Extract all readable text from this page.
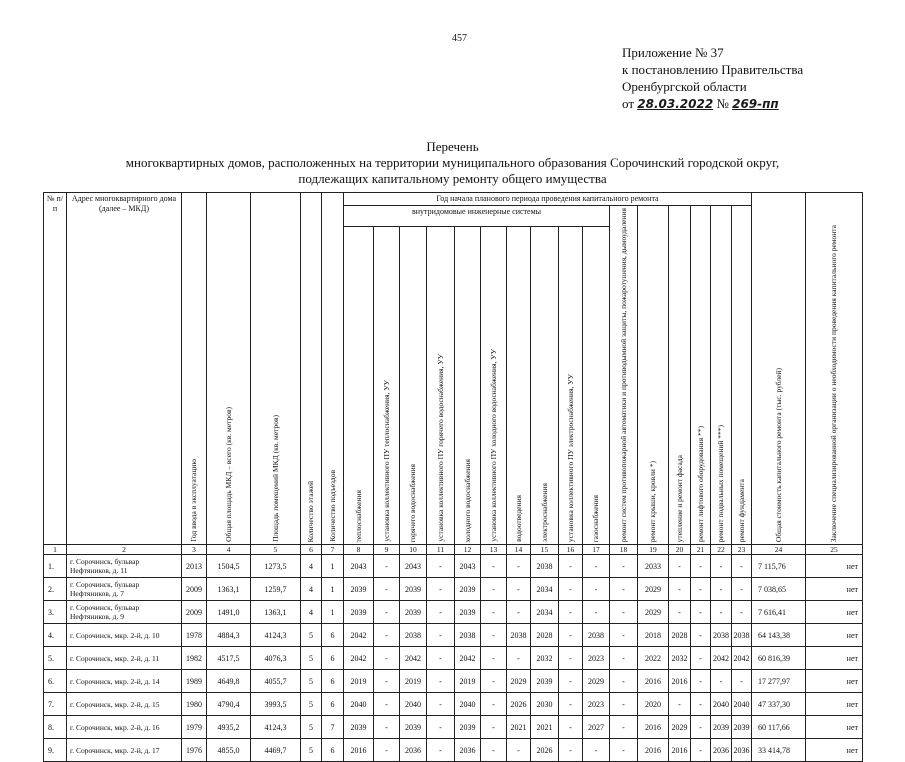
457
Приложение № 37
к постановлению Правительства
Оренбургской области
от 28.03.2022 № 269-пп
Перечень
многоквартирных домов, расположенных на территории муниципального образования Сорочинский городской округ,
подлежащих капитальному ремонту общего имущества
№ п/п	Адрес многоквартирного дома (далее – МКД)	Год ввода в эксплуатацию	Общая площадь МКД – всего (кв. метров)	Площадь помещений МКД (кв. метров)	Количество этажей	Количество подъездов	Год начала планового периода проведения капитального ремонта																Общая стоимость капитального ремонта (тыс. рублей)	Заключение специализированной организации о необходимости проведения капитального ремонта

							внутридомовые инженерные системы										ремонт систем противопожарной автоматики и противодымной защиты, пожаротушения, дымоудаления	ремонт крыши, кровли *)	утепление и ремонт фасада	ремонт лифтового оборудования **)	ремонт подвальных помещений ***)	ремонт фундамента		

							теплоснабжения	установка коллективного ПУ теплоснабжения, УУ	горячего водоснабжения	установка коллективного ПУ горячего водоснабжения, УУ	холодного водоснабжения	установка коллективного ПУ холодного водоснабжения, УУ	водоотведения	электроснабжения	установка коллективного ПУ электроснабжения, УУ	газоснабжения								

1	2	3	4	5	6	7	8	9	10	11	12	13	14	15	16	17	18	19	20	21	22	23	24	25
1.	г. Сорочинск, бульвар Нефтяников, д. 11	2013	1504,5	1273,5	4	1	2043	-	2043	-	2043	-	-	2038	-	-	-	2033	-	-	-	-	7 115,76	нет
2.	г. Сорочинск, бульвар Нефтяников, д. 7	2009	1363,1	1259,7	4	1	2039	-	2039	-	2039	-	-	2034	-	-	-	2029	-	-	-	-	7 038,65	нет
3.	г. Сорочинск, бульвар Нефтяников, д. 9	2009	1491,0	1363,1	4	1	2039	-	2039	-	2039	-	-	2034	-	-	-	2029	-	-	-	-	7 616,41	нет
4.	г. Сорочинск, мкр. 2-й, д. 10	1978	4884,3	4124,3	5	6	2042	-	2038	-	2038	-	2038	2028	-	2038	-	2018	2028	-	2038	2038	64 143,38	нет
5.	г. Сорочинск, мкр. 2-й, д. 11	1982	4517,5	4076,3	5	6	2042	-	2042	-	2042	-	-	2032	-	2023	-	2022	2032	-	2042	2042	60 816,39	нет
6.	г. Сорочинск, мкр. 2-й, д. 14	1989	4649,8	4055,7	5	6	2019	-	2019	-	2019	-	2029	2039	-	2029	-	2016	2016	-	-	-	17 277,97	нет
7.	г. Сорочинск, мкр. 2-й, д. 15	1980	4790,4	3993,5	5	6	2040	-	2040	-	2040	-	2026	2030	-	2023	-	2020	-	-	2040	2040	47 337,30	нет
8.	г. Сорочинск, мкр. 2-й, д. 16	1979	4935,2	4124,3	5	7	2039	-	2039	-	2039	-	2021	2021	-	2027	-	2016	2029	-	2039	2039	60 117,66	нет
9.	г. Сорочинск, мкр. 2-й, д. 17	1976	4855,0	4469,7	5	6	2016	-	2036	-	2036	-	-	2026	-	-	-	2016	2016	-	2036	2036	33 414,78	нет
